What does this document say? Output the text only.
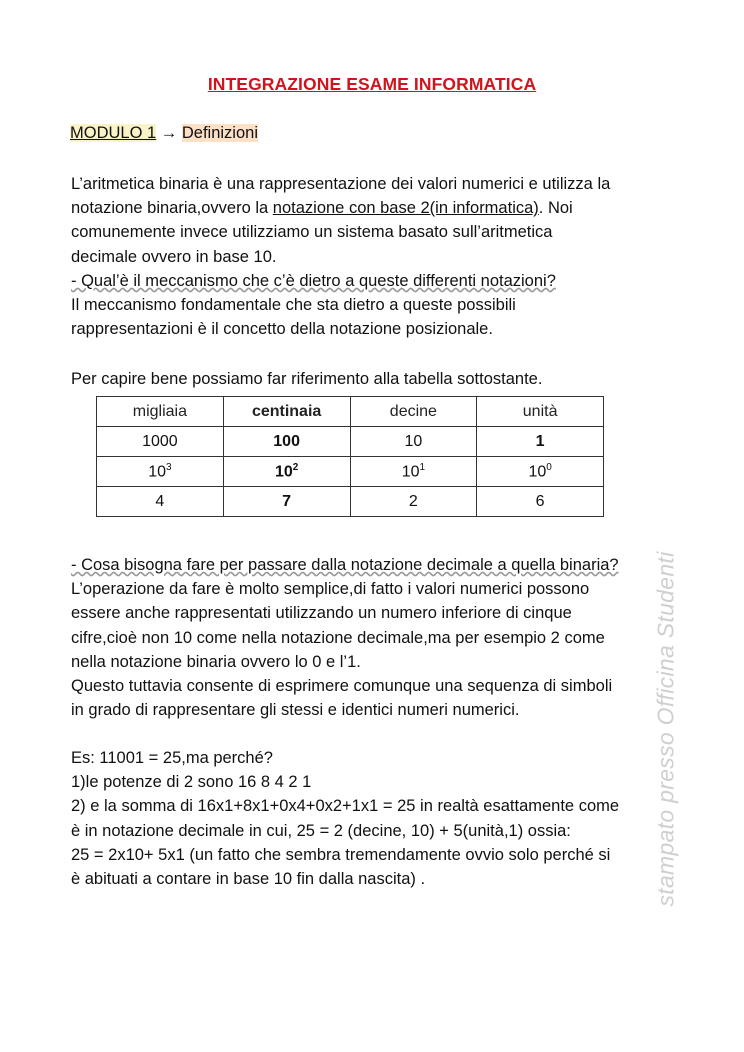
INTEGRAZIONE ESAME INFORMATICA
MODULO 1 → Definizioni
L’aritmetica binaria è una rappresentazione dei valori numerici e utilizza la
notazione binaria,ovvero la notazione con base 2(in informatica). Noi
comunemente invece utilizziamo un sistema basato sull’aritmetica
decimale ovvero in base 10.
- Qual’è il meccanismo che c’è dietro a queste differenti notazioni?
Il meccanismo fondamentale che sta dietro a queste possibili
rappresentazioni è il concetto della notazione posizionale.
Per capire bene possiamo far riferimento alla tabella sottostante.
migliaia	centinaia	decine	unità
1000	100	10	1
$10^3$	$10^2$	$10^1$	$10^0$
4	7	2	6
- Cosa bisogna fare per passare dalla notazione decimale a quella binaria?
L’operazione da fare è molto semplice,di fatto i valori numerici possono
essere anche rappresentati utilizzando un numero inferiore di cinque
cifre,cioè non 10 come nella notazione decimale,ma per esempio 2 come
nella notazione binaria ovvero lo 0 e l’1.
Questo tuttavia consente di esprimere comunque una sequenza di simboli
in grado di rappresentare gli stessi e identici numeri numerici.
Es: 11001 = 25,ma perché?
1)le potenze di 2 sono 16 8 4 2 1
2) e la somma di 16x1+8x1+0x4+0x2+1x1 = 25 in realtà esattamente come
è in notazione decimale in cui, 25 = 2 (decine, 10) + 5(unità,1) ossia:
25 = 2x10+ 5x1 (un fatto che sembra tremendamente ovvio solo perché si
è abituati a contare in base 10 fin dalla nascita) .	stampato presso Officina Studenti
